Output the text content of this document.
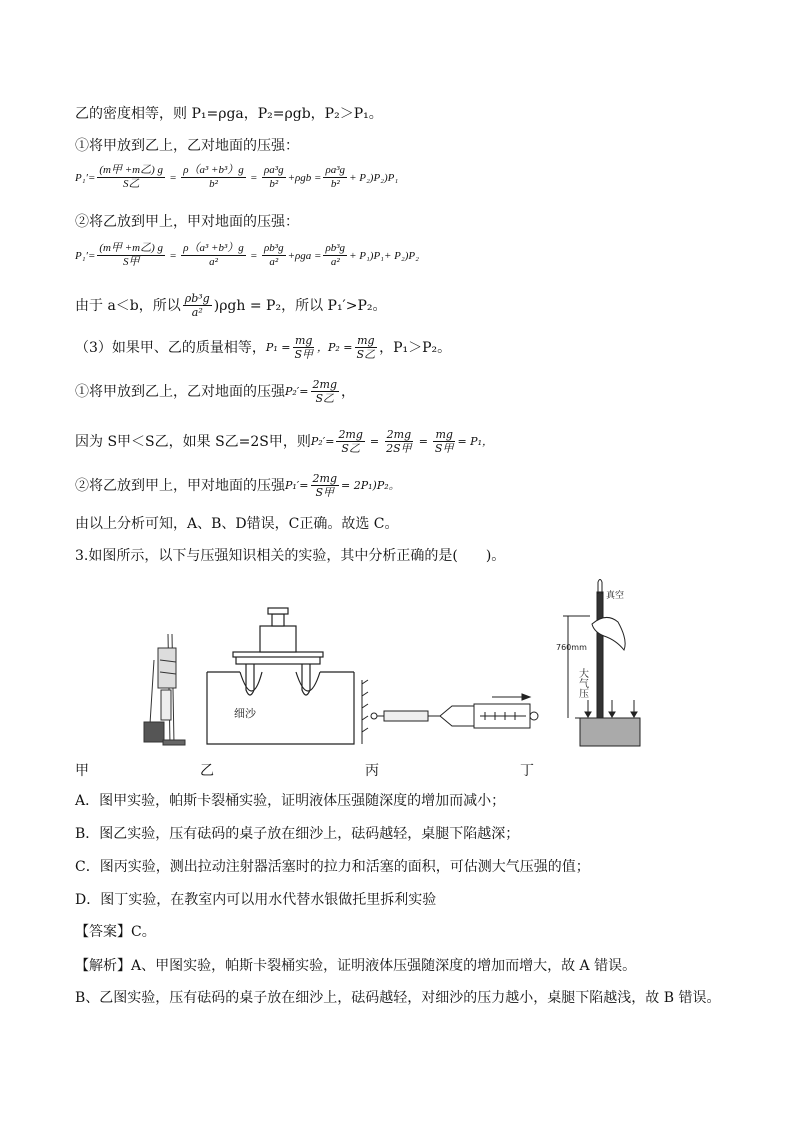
乙的密度相等，则 P₁=ρga，P₂=ρgb，P₂＞P₁。
①将甲放到乙上，乙对地面的压强：
$P_1'= \frac{\text{(m甲 +m乙) g}}{\text{S乙}} = \frac{\text{ρ（a³ +b³）g}}{\text{b²}} = \frac{\text{ρa³g}}{\text{b²}} +\rho gb = \frac{\text{ρa³g}}{\text{b²}} + P_2)P_2)P_1$
②将乙放到甲上，甲对地面的压强：
$P_1'= \frac{\text{(m甲 +m乙) g}}{\text{S甲}} = \frac{\text{ρ（a³ +b³）g}}{\text{a²}} = \frac{\text{ρb³g}}{\text{a²}} +\rho ga = \frac{\text{ρb³g}}{\text{a²}} + P_1)P_1+ P_2)P_2$
由于 a＜b，所以 $\frac{\text{ρb³g}}{\text{a²}} )\rho gh = P_2$，所以 P₁′>P₂。
（3）如果甲、乙的质量相等， $P_1 = \frac{mg}{\text{S甲}}$ ，$P_2 = \frac{mg}{\text{S乙}}$ ，P₁＞P₂。
①将甲放到乙上，乙对地面的压强 $P_2'= \frac{2mg}{\text{S乙}}$ ，
因为 S甲＜S乙，如果 S乙=2S甲，则 $P_2'= \frac{2mg}{\text{S乙}} = \frac{2mg}{\text{2S甲}} = \frac{mg}{\text{S甲}} = P_1$，
②将乙放到甲上，甲对地面的压强 $P_1'= \frac{2mg}{\text{S甲}} = 2P_1)P_2$。
由以上分析可知，A、B、D错误，C正确。故选 C。
3.如图所示，以下与压强知识相关的实验，其中分析正确的是(　　)。
细沙
真空
760mm
大气压
甲	乙	丙	丁
A．图甲实验，帕斯卡裂桶实验，证明液体压强随深度的增加而减小；
B．图乙实验，压有砝码的桌子放在细沙上，砝码越轻，桌腿下陷越深；
C．图丙实验，测出拉动注射器活塞时的拉力和活塞的面积，可估测大气压强的值；
D．图丁实验，在教室内可以用水代替水银做托里拆利实验
【答案】C。
【解析】A、甲图实验，帕斯卡裂桶实验，证明液体压强随深度的增加而增大，故 A 错误。
B、乙图实验，压有砝码的桌子放在细沙上，砝码越轻，对细沙的压力越小，桌腿下陷越浅，故 B 错误。
